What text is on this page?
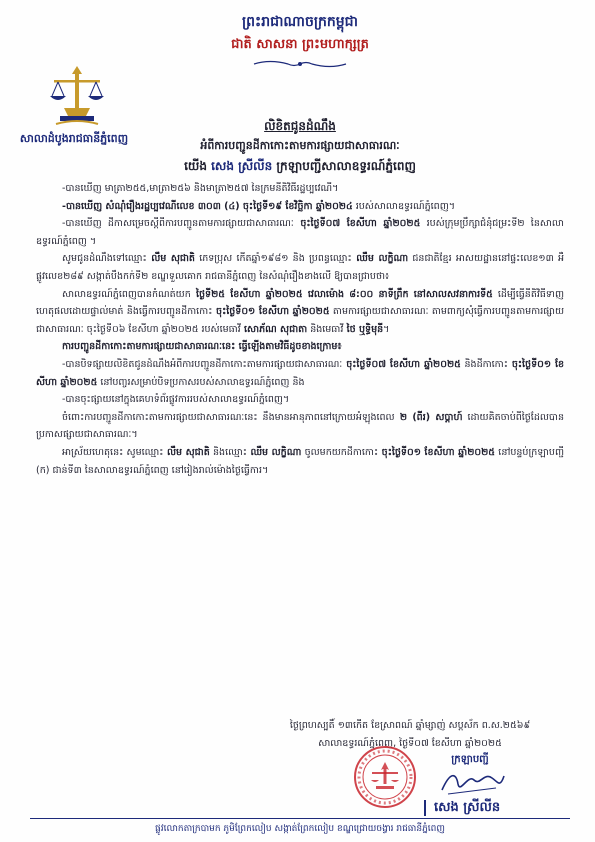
ព្រះរាជាណាចក្រកម្ពុជា
ជាតិ សាសនា ព្រះមហាក្សត្រ
សាលាដំបូងរាជធានីភ្នំពេញ
លិខិតជូនដំណឹង
អំពីការបញ្ជូនដីកាកោះតាមការផ្សាយជាសាធារណៈ
យើង សេង ស្រីលីន ក្រឡាបញ្ជីសាលាឧទ្ធរណ៍ភ្នំពេញ

-បានឃើញ មាត្រា២៥៥,មាត្រា២៥៦ និងមាត្រា២៥៧ នៃក្រមនីតិវិធីរដ្ឋប្បវេណី។

-បានឃើញ សំណុំរឿងរដ្ឋប្បវេណីលេខ ៣០៣ (៤) ចុះថ្ងៃទី១៩ ខែវិច្ឆិកា ឆ្នាំ២០២៤ របស់សាលាឧទ្ធរណ៍ភ្នំពេញ។

-បានឃើញ ដីកាសម្រេចស្តីពីការបញ្ជូនតាមការផ្សាយជាសាធារណៈ ចុះថ្ងៃទី០៧ ខែសីហា ឆ្នាំ២០២៥ របស់ក្រុមប្រឹក្សាជំនុំជម្រះទី២ នៃសាលាឧទ្ធរណ៍ភ្នំពេញ ។

សូមជូនដំណឹងទៅឈ្មោះ លឹម សុជាតិ ភេទប្រុស កើតឆ្នាំ១៩៨១ និង ប្រពន្ធឈ្មោះ ឈឹម លក្ខិណា ជនជាតិខ្មែរ អាសយដ្ឋាននៅផ្ទះលេខ១៣ អឺ ផ្លូវលេខ២៨៩ សង្កាត់បឹងកក់ទី២ ខណ្ឌទួលគោក រាជធានីភ្នំពេញ នៃសំណុំរឿងខាងលើ ឱ្យបានជ្រាបថា៖

សាលាឧទ្ធរណ៍ភ្នំពេញបានកំណត់យក ថ្ងៃទី២៥ ខែសីហា ឆ្នាំ២០២៥ វេលាម៉ោង ៨:០០ នាទីព្រឹក នៅសាលសវនាការទី៥ ដើម្បីធ្វើនីតិវិធីទាញហេតុផលដោយផ្ទាល់មាត់ និងធ្វើការបញ្ជូនដីកាកោះ ចុះថ្ងៃទី០១ ខែសីហា ឆ្នាំ២០២៥ តាមការផ្សាយជាសាធារណៈ តាមពាក្យសុំធ្វើការបញ្ជូនតាមការផ្សាយជាសាធារណៈ ចុះថ្ងៃទី០៦ ខែសីហា ឆ្នាំ២០២៥ របស់មេធាវី សោភ័ណ សុជាតា និងមេធាវី ថៃ ឬទ្ធិមុនី។

ការបញ្ជូនដីកាកោះតាមការផ្សាយជាសាធារណៈនេះ ធ្វើឡើងតាមវិធីដូចខាងក្រោម៖

-បានបិទផ្សាយលិខិតជូនដំណឹងអំពីការបញ្ជូនដីកាកោះតាមការផ្សាយជាសាធារណៈ ចុះថ្ងៃទី០៧ ខែសីហា ឆ្នាំ២០២៥ និងដីកាកោះ ចុះថ្ងៃទី០១ ខែសីហា ឆ្នាំ២០២៥ នៅបញ្ចរសម្រាប់បិទប្រកាសរបស់សាលាឧទ្ធរណ៍ភ្នំពេញ និង

-បានចុះផ្សាយនៅក្នុងគេហទំព័រផ្លូវការរបស់សាលាឧទ្ធរណ៍ភ្នំពេញ។

ចំពោះការបញ្ជូនដីកាកោះតាមការផ្សាយជាសាធារណៈនេះ នឹងមានអានុភាពនៅក្រោយអំឡុងពេល ២ (ពីរ) សប្តាហ៍ ដោយគិតចាប់ពីថ្ងៃដែលបានប្រកាសផ្សាយជាសាធារណៈ។

អាស្រ័យហេតុនេះ សូមឈ្មោះ លឹម សុជាតិ និងឈ្មោះ ឈឹម លក្ខិណា ចូលមកយកដីកាកោះ ចុះថ្ងៃទី០១ ខែសីហា ឆ្នាំ២០២៥ នៅបន្ទប់ក្រឡាបញ្ជី (ក) ជាន់ទី៣ នៃសាលាឧទ្ធរណ៍ភ្នំពេញ នៅរៀងរាល់ម៉ោងថ្ងៃធ្វើការ។

ថ្ងៃព្រហស្បតិ៍ ១៣កើត ខែស្រាពណ៍ ឆ្នាំម្សាញ់ សប្តស័ក ព.ស.២៥៦៩
សាលាឧទ្ធរណ៍ភ្នំពេញ, ថ្ងៃទី០៧ ខែសីហា ឆ្នាំ២០២៥
ក្រឡាបញ្ជី
សេង ស្រីលីន
ផ្លូវលោកតាក្របាមក ភូមិព្រែកលៀប សង្កាត់ព្រែកលៀប ខណ្ឌជ្រោយចង្វារ រាជធានីភ្នំពេញ
